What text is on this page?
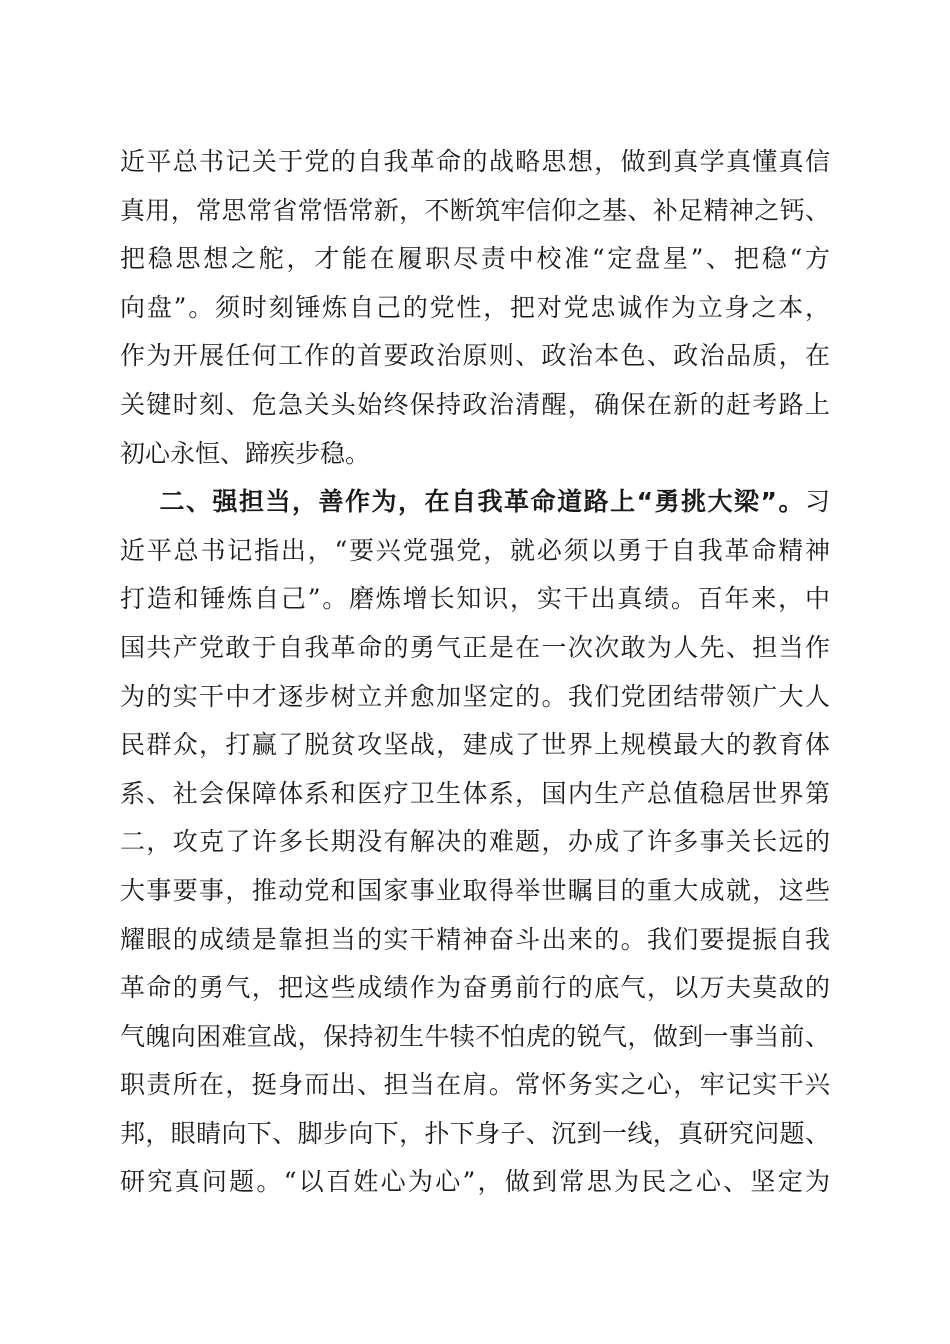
近平总书记关于党的自我革命的战略思想，做到真学真懂真信
真用，常思常省常悟常新，不断筑牢信仰之基、补足精神之钙、
把稳思想之舵，才能在履职尽责中校准“定盘星”、把稳“方
向盘”。须时刻锤炼自己的党性，把对党忠诚作为立身之本，
作为开展任何工作的首要政治原则、政治本色、政治品质，在
关键时刻、危急关头始终保持政治清醒，确保在新的赶考路上
初心永恒、蹄疾步稳。
二、强担当，善作为，在自我革命道路上“勇挑大梁”。习
近平总书记指出，“要兴党强党，就必须以勇于自我革命精神
打造和锤炼自己”。磨炼增长知识，实干出真绩。百年来，中
国共产党敢于自我革命的勇气正是在一次次敢为人先、担当作
为的实干中才逐步树立并愈加坚定的。我们党团结带领广大人
民群众，打赢了脱贫攻坚战，建成了世界上规模最大的教育体
系、社会保障体系和医疗卫生体系，国内生产总值稳居世界第
二，攻克了许多长期没有解决的难题，办成了许多事关长远的
大事要事，推动党和国家事业取得举世瞩目的重大成就，这些
耀眼的成绩是靠担当的实干精神奋斗出来的。我们要提振自我
革命的勇气，把这些成绩作为奋勇前行的底气，以万夫莫敌的
气魄向困难宣战，保持初生牛犊不怕虎的锐气，做到一事当前、
职责所在，挺身而出、担当在肩。常怀务实之心，牢记实干兴
邦，眼睛向下、脚步向下，扑下身子、沉到一线，真研究问题、
研究真问题。“以百姓心为心”，做到常思为民之心、坚定为
